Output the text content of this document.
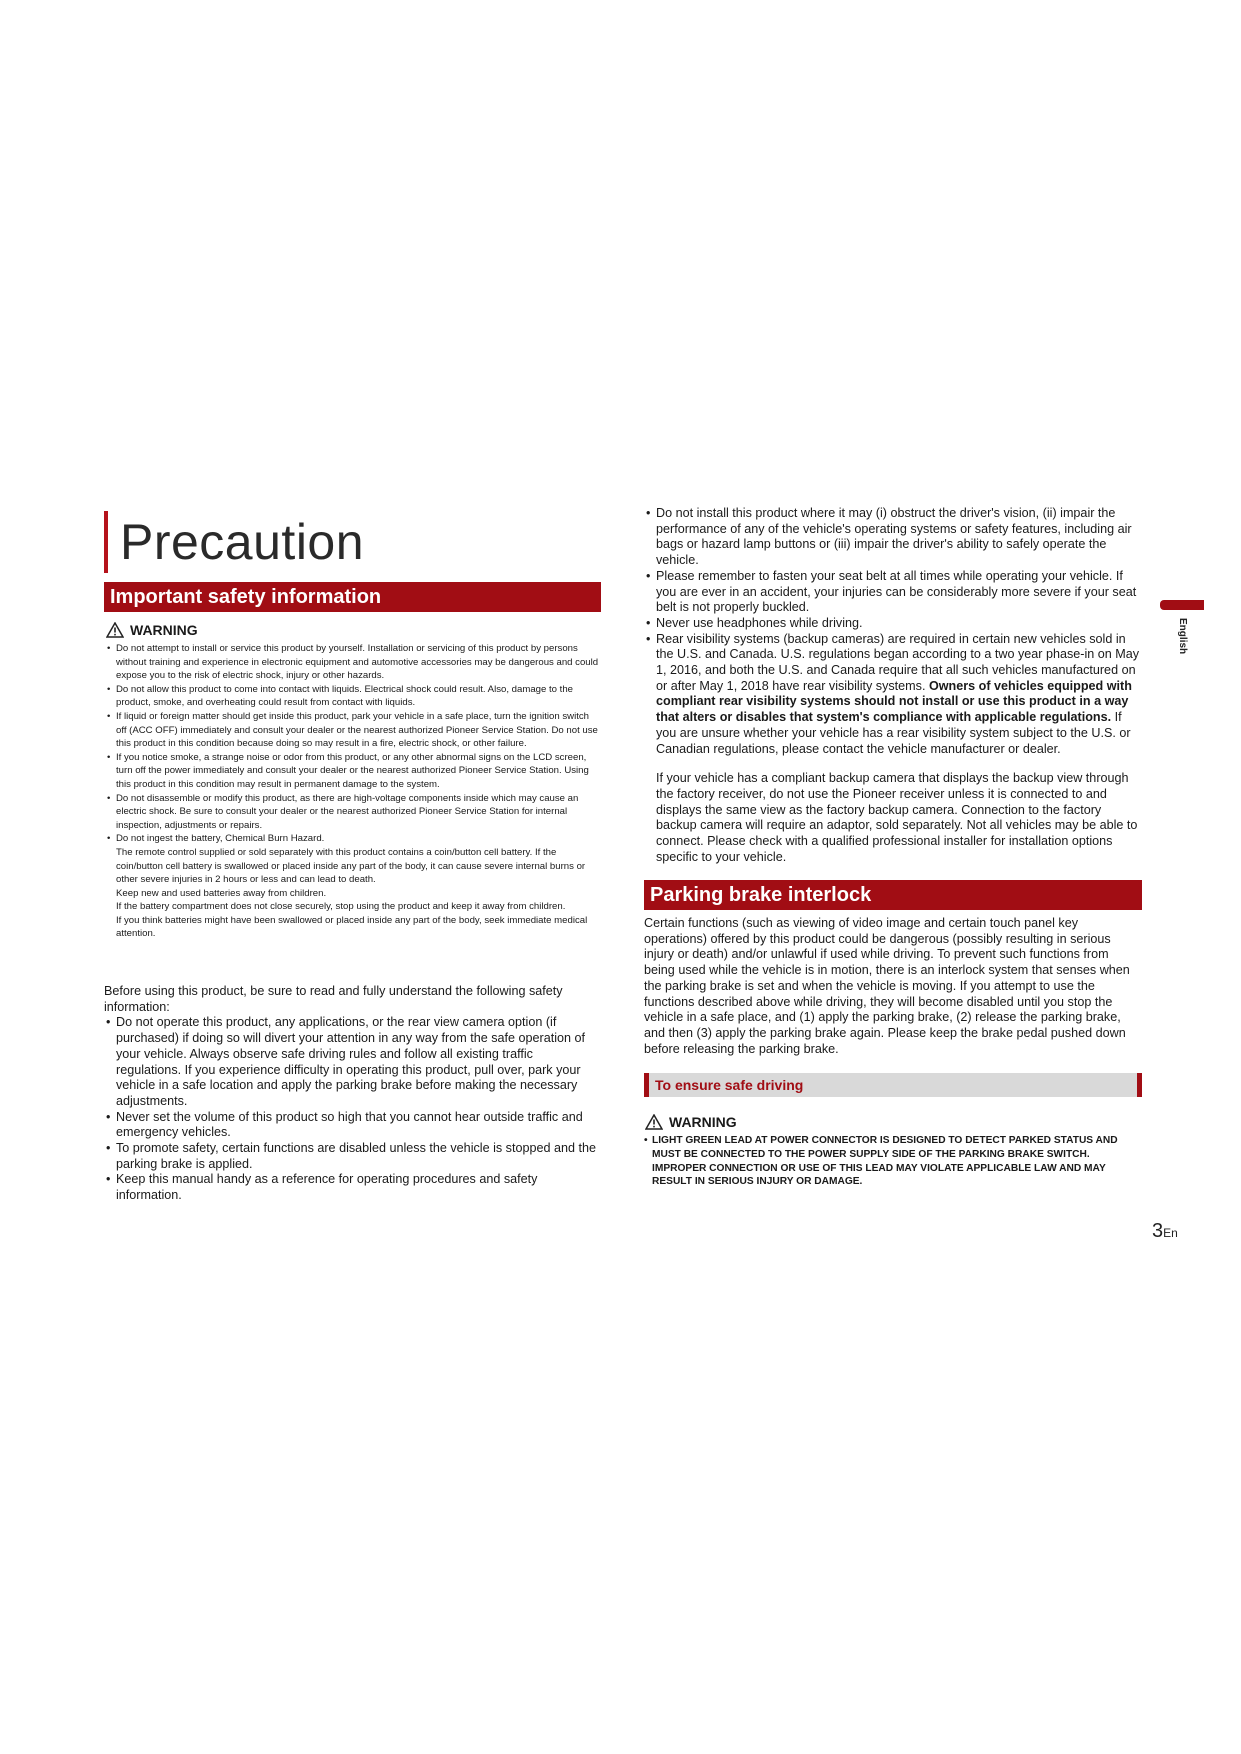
Precaution
Important safety information
WARNING
• Do not attempt to install or service this product by yourself. Installation or servicing of this product by persons without training and experience in electronic equipment and automotive accessories may be dangerous and could expose you to the risk of electric shock, injury or other hazards.
• Do not allow this product to come into contact with liquids. Electrical shock could result. Also, damage to the product, smoke, and overheating could result from contact with liquids.
• If liquid or foreign matter should get inside this product, park your vehicle in a safe place, turn the ignition switch off (ACC OFF) immediately and consult your dealer or the nearest authorized Pioneer Service Station. Do not use this product in this condition because doing so may result in a fire, electric shock, or other failure.
• If you notice smoke, a strange noise or odor from this product, or any other abnormal signs on the LCD screen, turn off the power immediately and consult your dealer or the nearest authorized Pioneer Service Station. Using this product in this condition may result in permanent damage to the system.
• Do not disassemble or modify this product, as there are high-voltage components inside which may cause an electric shock. Be sure to consult your dealer or the nearest authorized Pioneer Service Station for internal inspection, adjustments or repairs.
• Do not ingest the battery, Chemical Burn Hazard.
The remote control supplied or sold separately with this product contains a coin/button cell battery. If the coin/button cell battery is swallowed or placed inside any part of the body, it can cause severe internal burns or other severe injuries in 2 hours or less and can lead to death.
Keep new and used batteries away from children.
If the battery compartment does not close securely, stop using the product and keep it away from children.
If you think batteries might have been swallowed or placed inside any part of the body, seek immediate medical attention.

Before using this product, be sure to read and fully understand the following safety information:

• Do not operate this product, any applications, or the rear view camera option (if purchased) if doing so will divert your attention in any way from the safe operation of your vehicle. Always observe safe driving rules and follow all existing traffic regulations. If you experience difficulty in operating this product, pull over, park your vehicle in a safe location and apply the parking brake before making the necessary adjustments.
• Never set the volume of this product so high that you cannot hear outside traffic and emergency vehicles.
• To promote safety, certain functions are disabled unless the vehicle is stopped and the parking brake is applied.
• Keep this manual handy as a reference for operating procedures and safety information.
• Do not install this product where it may (i) obstruct the driver's vision, (ii) impair the performance of any of the vehicle's operating systems or safety features, including air bags or hazard lamp buttons or (iii) impair the driver's ability to safely operate the vehicle.
• Please remember to fasten your seat belt at all times while operating your vehicle. If you are ever in an accident, your injuries can be considerably more severe if your seat belt is not properly buckled.
• Never use headphones while driving.
• Rear visibility systems (backup cameras) are required in certain new vehicles sold in the U.S. and Canada. U.S. regulations began according to a two year phase-in on May 1, 2016, and both the U.S. and Canada require that all such vehicles manufactured on or after May 1, 2018 have rear visibility systems. Owners of vehicles equipped with compliant rear visibility systems should not install or use this product in a way that alters or disables that system's compliance with applicable regulations. If you are unsure whether your vehicle has a rear visibility system subject to the U.S. or Canadian regulations, please contact the vehicle manufacturer or dealer.

If your vehicle has a compliant backup camera that displays the backup view through the factory receiver, do not use the Pioneer receiver unless it is connected to and displays the same view as the factory backup camera. Connection to the factory backup camera will require an adaptor, sold separately. Not all vehicles may be able to connect. Please check with a qualified professional installer for installation options specific to your vehicle.

Parking brake interlock
Certain functions (such as viewing of video image and certain touch panel key operations) offered by this product could be dangerous (possibly resulting in serious injury or death) and/or unlawful if used while driving. To prevent such functions from being used while the vehicle is in motion, there is an interlock system that senses when the parking brake is set and when the vehicle is moving. If you attempt to use the functions described above while driving, they will become disabled until you stop the vehicle in a safe place, and (1) apply the parking brake, (2) release the parking brake, and then (3) apply the parking brake again. Please keep the brake pedal pushed down before releasing the parking brake.
To ensure safe driving
WARNING
• LIGHT GREEN LEAD AT POWER CONNECTOR IS DESIGNED TO DETECT PARKED STATUS AND MUST BE CONNECTED TO THE POWER SUPPLY SIDE OF THE PARKING BRAKE SWITCH. IMPROPER CONNECTION OR USE OF THIS LEAD MAY VIOLATE APPLICABLE LAW AND MAY RESULT IN SERIOUS INJURY OR DAMAGE.
English
3En
